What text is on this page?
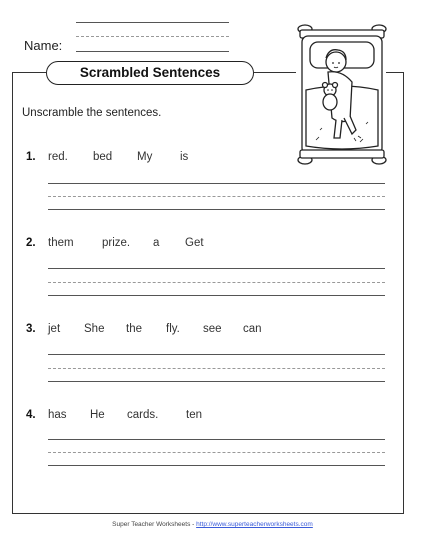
Name:
Scrambled Sentences
Unscramble the sentences.
1. red. bed My is
2. them prize. a Get
3. jet She the fly. see can
4. has He cards. ten
Super Teacher Worksheets - http://www.superteacherworksheets.com
